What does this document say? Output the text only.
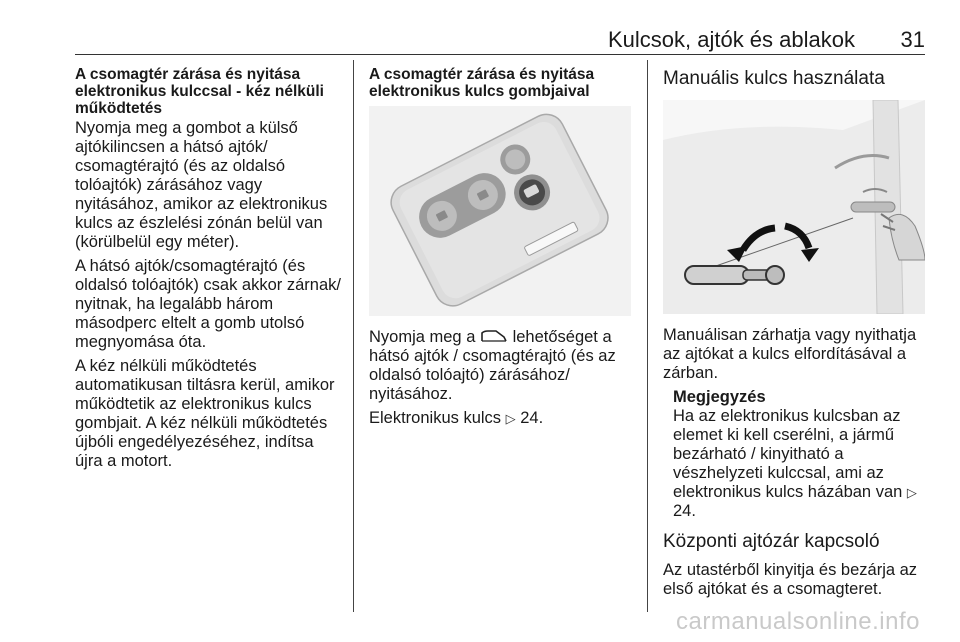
Kulcsok, ajtók és ablakok 31
A csomagtér zárása és nyitása elektronikus kulccsal - kéz nélküli működtetés

Nyomja meg a gombot a külső ajtókilincsen a hátsó ajtók/ csomagtérajtó (és az oldalsó tolóajtók) zárásához vagy nyitásához, amikor az elektronikus kulcs az észlelési zónán belül van (körülbelül egy méter).

A hátsó ajtók/csomagtérajtó (és oldalsó tolóajtók) csak akkor zárnak/ nyitnak, ha legalább három másodperc eltelt a gomb utolsó megnyomása óta.

A kéz nélküli működtetés automatikusan tiltásra kerül, amikor működtetik az elektronikus kulcs gombjait. A kéz nélküli működtetés újbóli engedélyezéséhez, indítsa újra a motort.

A csomagtér zárása és nyitása elektronikus kulcs gombjaival

Nyomja meg a lehetőséget a hátsó ajtók / csomagtérajtó (és az oldalsó tolóajtó) zárásához/ nyitásához.

Elektronikus kulcs ▷ 24.

Manuális kulcs használata

Manuálisan zárhatja vagy nyithatja az ajtókat a kulcs elfordításával a zárban.

Megjegyzés

Ha az elektronikus kulcsban az elemet ki kell cserélni, a jármű bezárható / kinyitható a vészhelyzeti kulccsal, ami az elektronikus kulcs házában van ▷ 24.

Központi ajtózár kapcsoló

Az utastérből kinyitja és bezárja az első ajtókat és a csomagteret.

carmanualsonline.info
